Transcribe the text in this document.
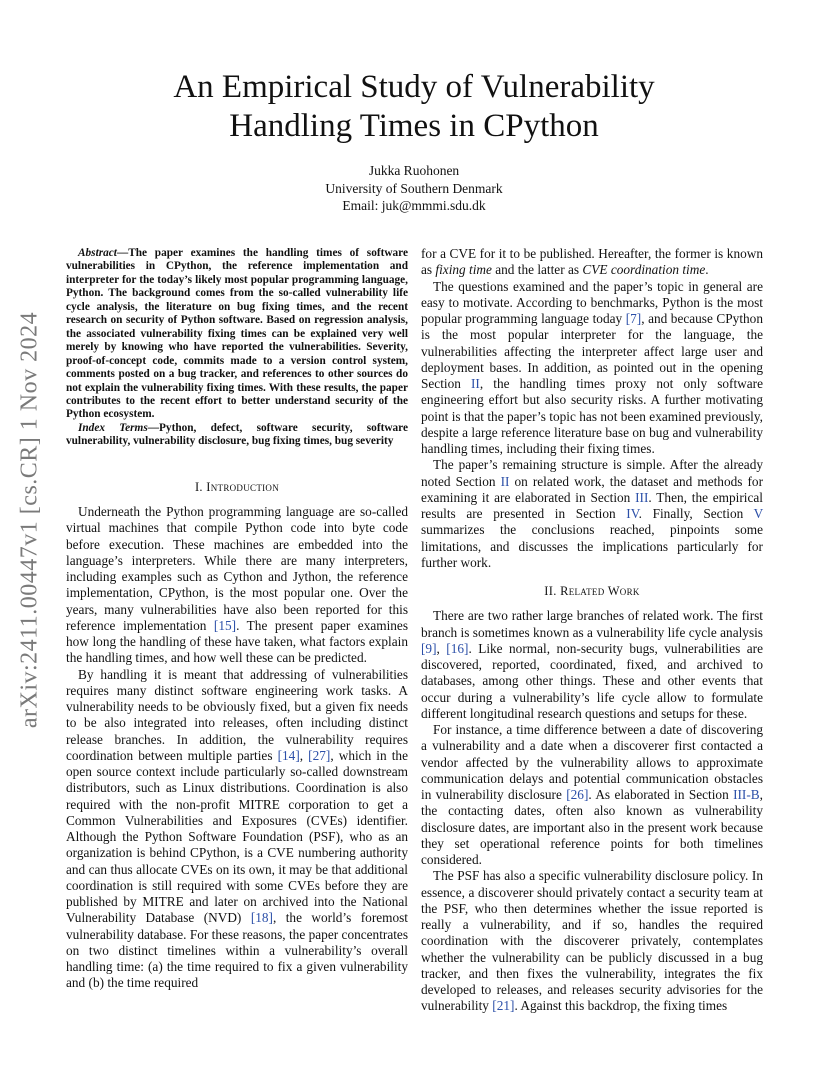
arXiv:2411.00447v1 [cs.CR] 1 Nov 2024
An Empirical Study of Vulnerability
Handling Times in CPython
Jukka Ruohonen
University of Southern Denmark
Email: juk@mmmi.sdu.dk

Abstract—The paper examines the handling times of software vulnerabilities in CPython, the reference implementation and interpreter for the today’s likely most popular programming language, Python. The background comes from the so-called vulnerability life cycle analysis, the literature on bug fixing times, and the recent research on security of Python software. Based on regression analysis, the associated vulnerability fixing times can be explained very well merely by knowing who have reported the vulnerabilities. Severity, proof-of-concept code, commits made to a version control system, comments posted on a bug tracker, and references to other sources do not explain the vulnerability fixing times. With these results, the paper contributes to the recent effort to better understand security of the Python ecosystem.

Index Terms—Python, defect, software security, software vulnerability, vulnerability disclosure, bug fixing times, bug severity

I. Introduction

Underneath the Python programming language are so-called virtual machines that compile Python code into byte code before execution. These machines are embedded into the language’s interpreters. While there are many interpreters, including examples such as Cython and Jython, the reference implementation, CPython, is the most popular one. Over the years, many vulnerabilities have also been reported for this reference implementation [15]. The present paper examines how long the handling of these have taken, what factors explain the handling times, and how well these can be predicted.

By handling it is meant that addressing of vulnerabilities requires many distinct software engineering work tasks. A vulnerability needs to be obviously fixed, but a given fix needs to be also integrated into releases, often including distinct release branches. In addition, the vulnerability requires coordination between multiple parties [14], [27], which in the open source context include particularly so-called downstream distributors, such as Linux distributions. Coordination is also required with the non-profit MITRE corporation to get a Common Vulnerabilities and Exposures (CVEs) identifier. Although the Python Software Foundation (PSF), who as an organization is behind CPython, is a CVE numbering authority and can thus allocate CVEs on its own, it may be that additional coordination is still required with some CVEs before they are published by MITRE and later on archived into the National Vulnerability Database (NVD) [18], the world’s foremost vulnerability database. For these reasons, the paper concentrates on two distinct timelines within a vulnerability’s overall handling time: (a) the time required to fix a given vulnerability and (b) the time required

for a CVE for it to be published. Hereafter, the former is known as fixing time and the latter as CVE coordination time.

The questions examined and the paper’s topic in general are easy to motivate. According to benchmarks, Python is the most popular programming language today [7], and because CPython is the most popular interpreter for the language, the vulnerabilities affecting the interpreter affect large user and deployment bases. In addition, as pointed out in the opening Section II, the handling times proxy not only software engineering effort but also security risks. A further motivating point is that the paper’s topic has not been examined previously, despite a large reference literature base on bug and vulnerability handling times, including their fixing times.

The paper’s remaining structure is simple. After the already noted Section II on related work, the dataset and methods for examining it are elaborated in Section III. Then, the empirical results are presented in Section IV. Finally, Section V summarizes the conclusions reached, pinpoints some limitations, and discusses the implications particularly for further work.

II. Related Work

There are two rather large branches of related work. The first branch is sometimes known as a vulnerability life cycle analysis [9], [16]. Like normal, non-security bugs, vulnerabilities are discovered, reported, coordinated, fixed, and archived to databases, among other things. These and other events that occur during a vulnerability’s life cycle allow to formulate different longitudinal research questions and setups for these.

For instance, a time difference between a date of discovering a vulnerability and a date when a discoverer first contacted a vendor affected by the vulnerability allows to approximate communication delays and potential communication obstacles in vulnerability disclosure [26]. As elaborated in Section III-B, the contacting dates, often also known as vulnerability disclosure dates, are important also in the present work because they set operational reference points for both timelines considered.

The PSF has also a specific vulnerability disclosure policy. In essence, a discoverer should privately contact a security team at the PSF, who then determines whether the issue reported is really a vulnerability, and if so, handles the required coordination with the discoverer privately, contemplates whether the vulnerability can be publicly discussed in a bug tracker, and then fixes the vulnerability, integrates the fix developed to releases, and releases security advisories for the vulnerability [21]. Against this backdrop, the fixing times
